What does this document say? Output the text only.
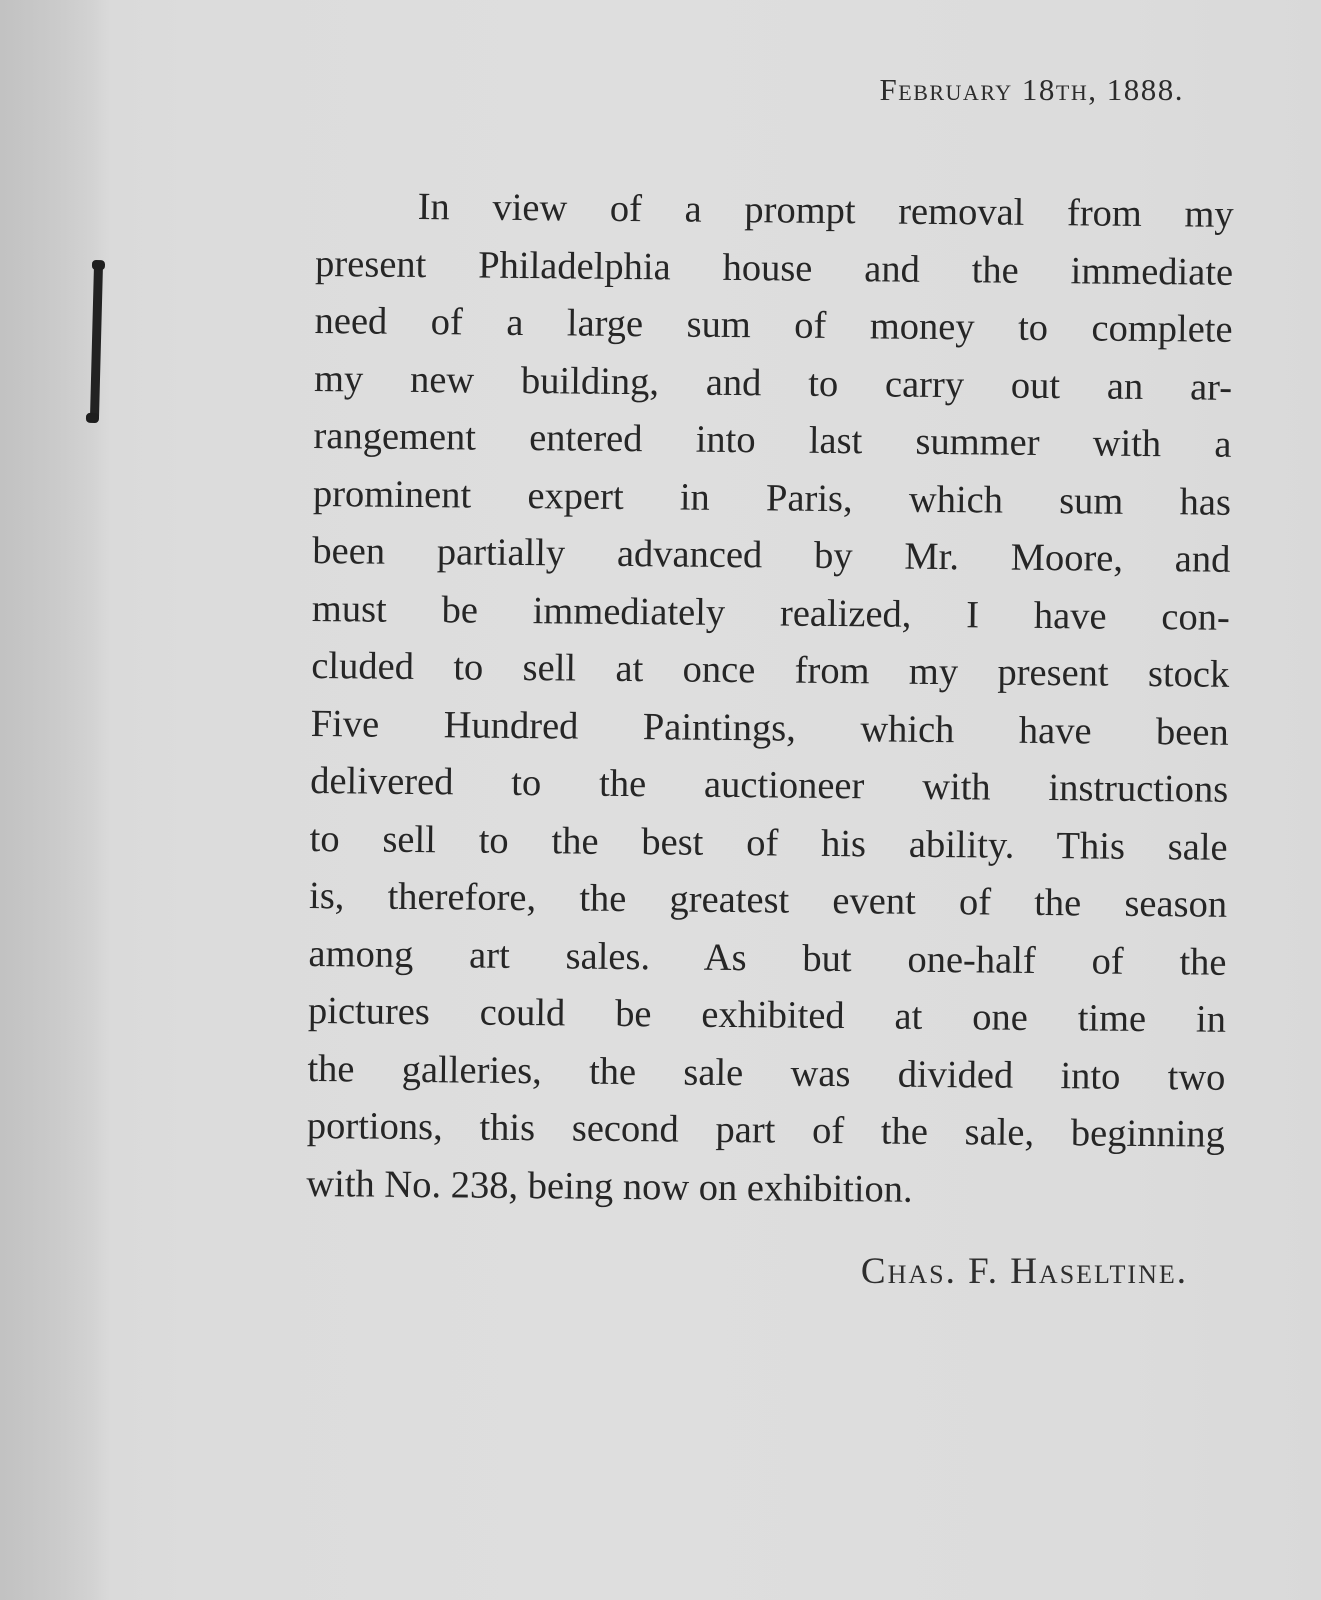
February 18th, 1888.
In view of a prompt removal from my
present Philadelphia house and the immediate
need of a large sum of money to complete
my new building, and to carry out an ar-
rangement entered into last summer with a
prominent expert in Paris, which sum has
been partially advanced by Mr. Moore, and
must be immediately realized, I have con-
cluded to sell at once from my present stock
Five Hundred Paintings, which have been
delivered to the auctioneer with instructions
to sell to the best of his ability. This sale
is, therefore, the greatest event of the season
among art sales. As but one-half of the
pictures could be exhibited at one time in
the galleries, the sale was divided into two
portions, this second part of the sale, beginning
with No. 238, being now on exhibition.
Chas. F. Haseltine.
